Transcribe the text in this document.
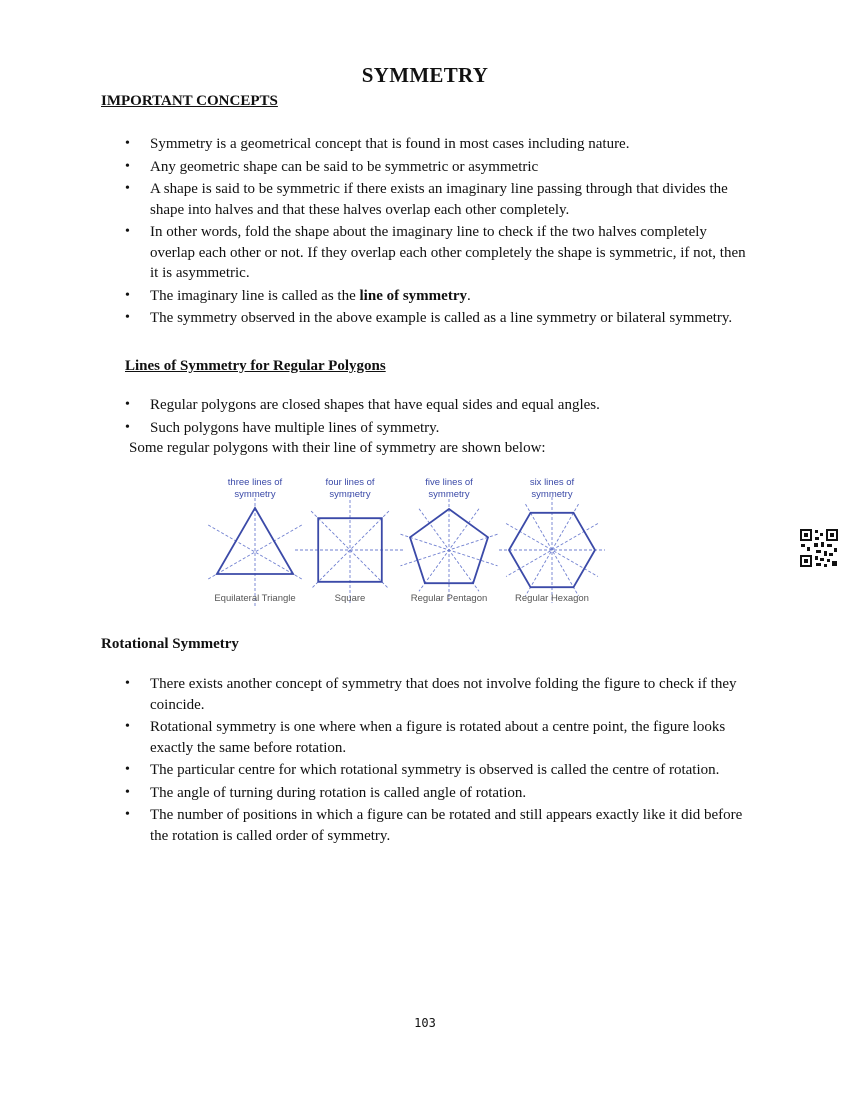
SYMMETRY
IMPORTANT CONCEPTS
• Symmetry is a geometrical concept that is found in most cases including nature.
• Any geometric shape can be said to be symmetric or asymmetric
• A shape is said to be symmetric if there exists an imaginary line passing through that divides the shape into halves and that these halves overlap each other completely.
• In other words, fold the shape about the imaginary line to check if the two halves completely overlap each other or not. If they overlap each other completely the shape is symmetric, if not, then it is asymmetric.
• The imaginary line is called as the line of symmetry.
• The symmetry observed in the above example is called as a line symmetry or bilateral symmetry.
Lines of Symmetry for Regular Polygons
• Regular polygons are closed shapes that have equal sides and equal angles.
• Such polygons have multiple lines of symmetry.
Some regular polygons with their line of symmetry are shown below:
three lines of
symmetry
four lines of
symmetry
five lines of
symmetry
six lines of
symmetry
Equilateral Triangle	Square	Regular Pentagon	Regular Hexagon
Rotational Symmetry
• There exists another concept of symmetry that does not involve folding the figure to check if they coincide.
• Rotational symmetry is one where when a figure is rotated about a centre point, the figure looks exactly the same before rotation.
• The particular centre for which rotational symmetry is observed is called the centre of rotation.
• The angle of turning during rotation is called angle of rotation.
• The number of positions in which a figure can be rotated and still appears exactly like it did before the rotation is called order of symmetry.
103
